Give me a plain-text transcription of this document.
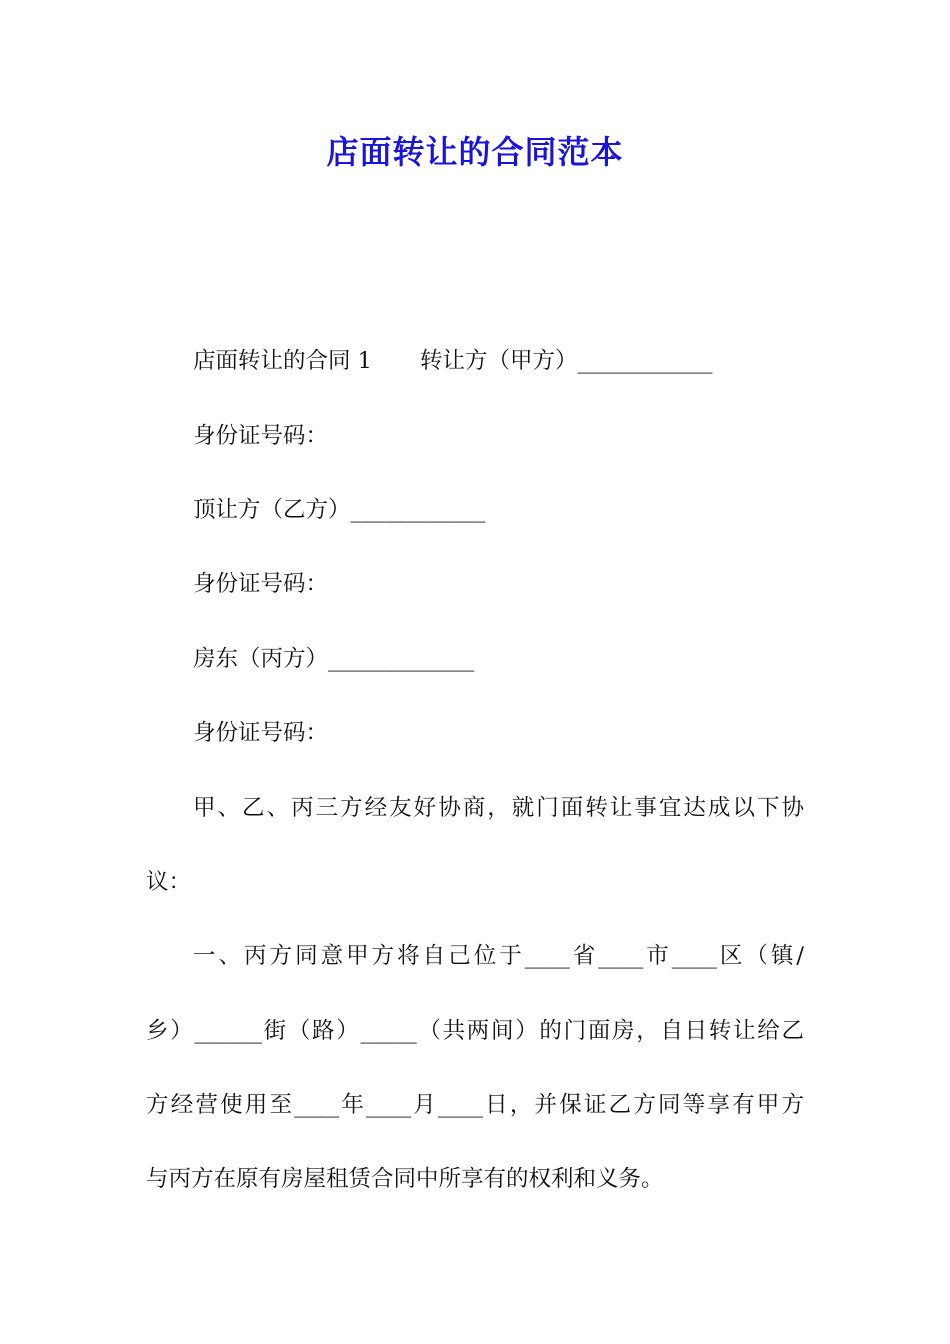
店面转让的合同范本

店面转让的合同 1 转让方（甲方）____________

身份证号码：

顶让方（乙方）____________

身份证号码：

房东（丙方）_____________

身份证号码：

甲、乙、丙三方经友好协商，就门面转让事宜达成以下协

议：

一、丙方同意甲方将自己位于____省____市____区（镇/

乡）______街（路）_____（共两间）的门面房，自日转让给乙

方经营使用至____年____月____日，并保证乙方同等享有甲方

与丙方在原有房屋租赁合同中所享有的权利和义务。
